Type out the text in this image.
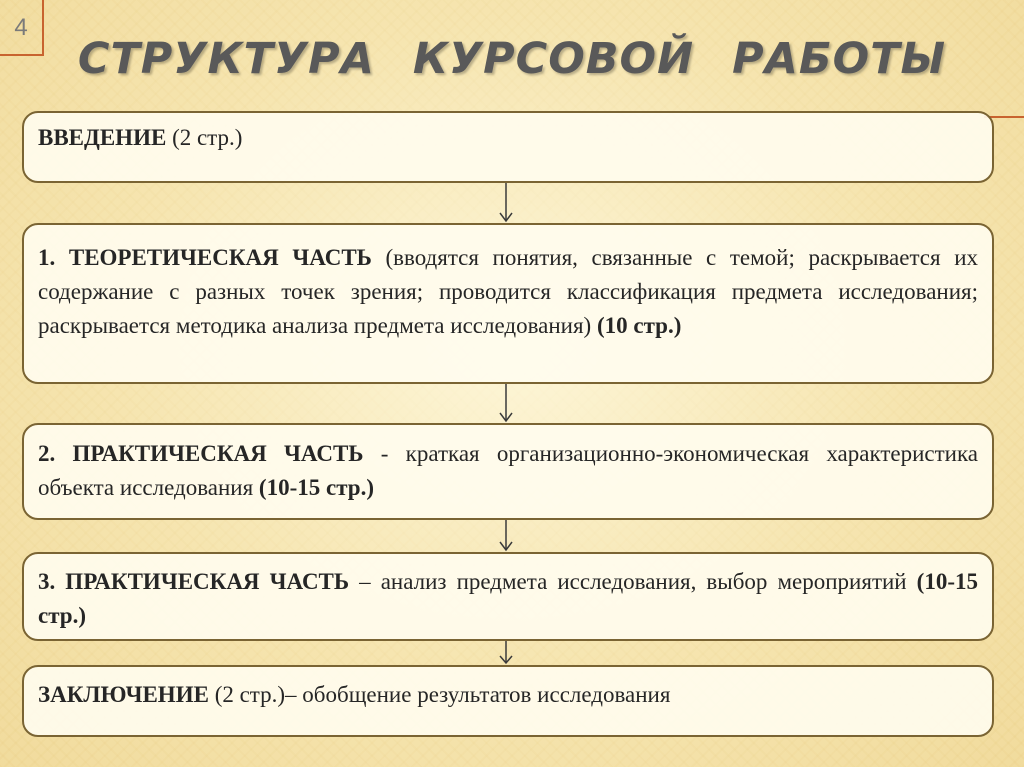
4
СТРУКТУРА КУРСОВОЙ РАБОТЫ
ВВЕДЕНИЕ (2 стр.)
1. ТЕОРЕТИЧЕСКАЯ ЧАСТЬ (вводятся понятия, связанные с темой; раскрывается их содержание с разных точек зрения; проводится классификация предмета исследования; раскрывается методика анализа предмета исследования) (10 стр.)
2. ПРАКТИЧЕСКАЯ ЧАСТЬ - краткая организационно-экономическая характеристика объекта исследования (10-15 стр.)
3. ПРАКТИЧЕСКАЯ ЧАСТЬ – анализ предмета исследования, выбор мероприятий (10-15 стр.)
ЗАКЛЮЧЕНИЕ (2 стр.)– обобщение результатов исследования
